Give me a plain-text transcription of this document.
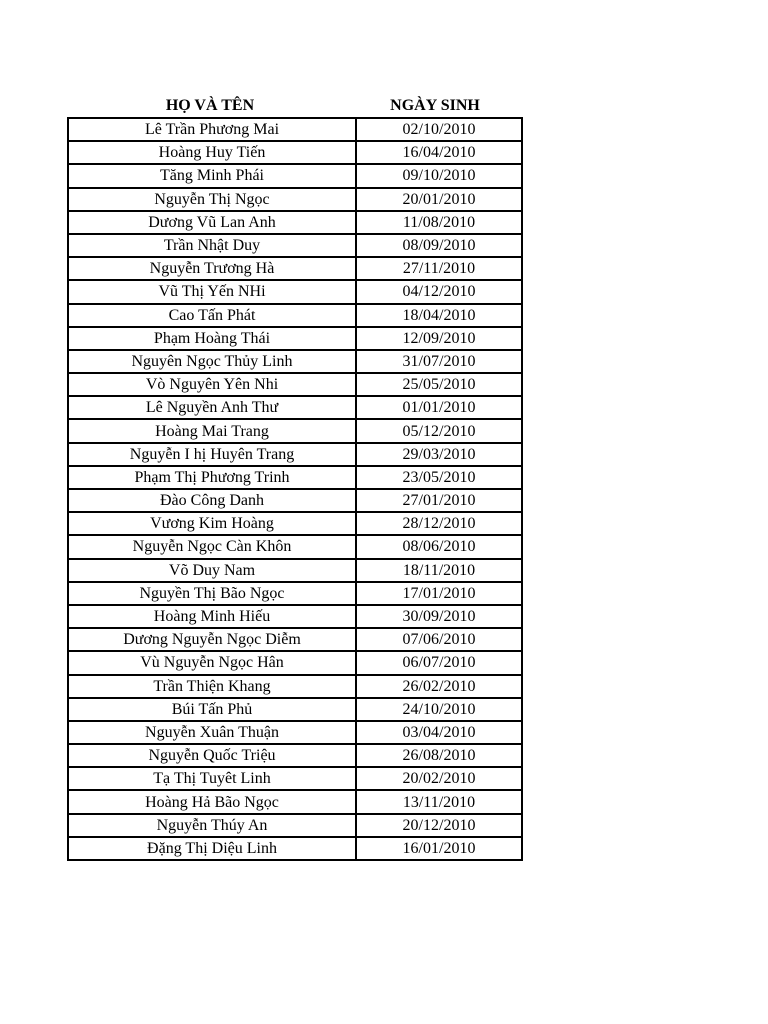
HỌ VÀ TÊN	NGÀY SINH
Lê Trần Phương Mai	02/10/2010
Hoàng Huy Tiến	16/04/2010
Tăng Minh Phái	09/10/2010
Nguyễn Thị Ngọc	20/01/2010
Dương Vũ Lan Anh	11/08/2010
Trần Nhật Duy	08/09/2010
Nguyễn Trương Hà	27/11/2010
Vũ Thị Yến NHi	04/12/2010
Cao Tấn Phát	18/04/2010
Phạm Hoàng Thái	12/09/2010
Nguyên Ngọc Thủy Linh	31/07/2010
Vò Nguyên Yên Nhi	25/05/2010
Lê Nguyền Anh Thư	01/01/2010
Hoàng Mai Trang	05/12/2010
Nguyễn I hị Huyên Trang	29/03/2010
Phạm Thị Phương Trinh	23/05/2010
Đào Công Danh	27/01/2010
Vương Kim Hoàng	28/12/2010
Nguyễn Ngọc Càn Khôn	08/06/2010
Võ Duy Nam	18/11/2010
Nguyền Thị Bão Ngọc	17/01/2010
Hoàng Minh Hiếu	30/09/2010
Dương Nguyễn Ngọc Diễm	07/06/2010
Vù Nguyễn Ngọc Hân	06/07/2010
Trần Thiện Khang	26/02/2010
Búi Tấn Phủ	24/10/2010
Nguyễn Xuân Thuận	03/04/2010
Nguyễn Quốc Triệu	26/08/2010
Tạ Thị Tuyêt Linh	20/02/2010
Hoàng Hả Bão Ngọc	13/11/2010
Nguyễn Thúy An	20/12/2010
Đặng Thị Diệu Linh	16/01/2010
